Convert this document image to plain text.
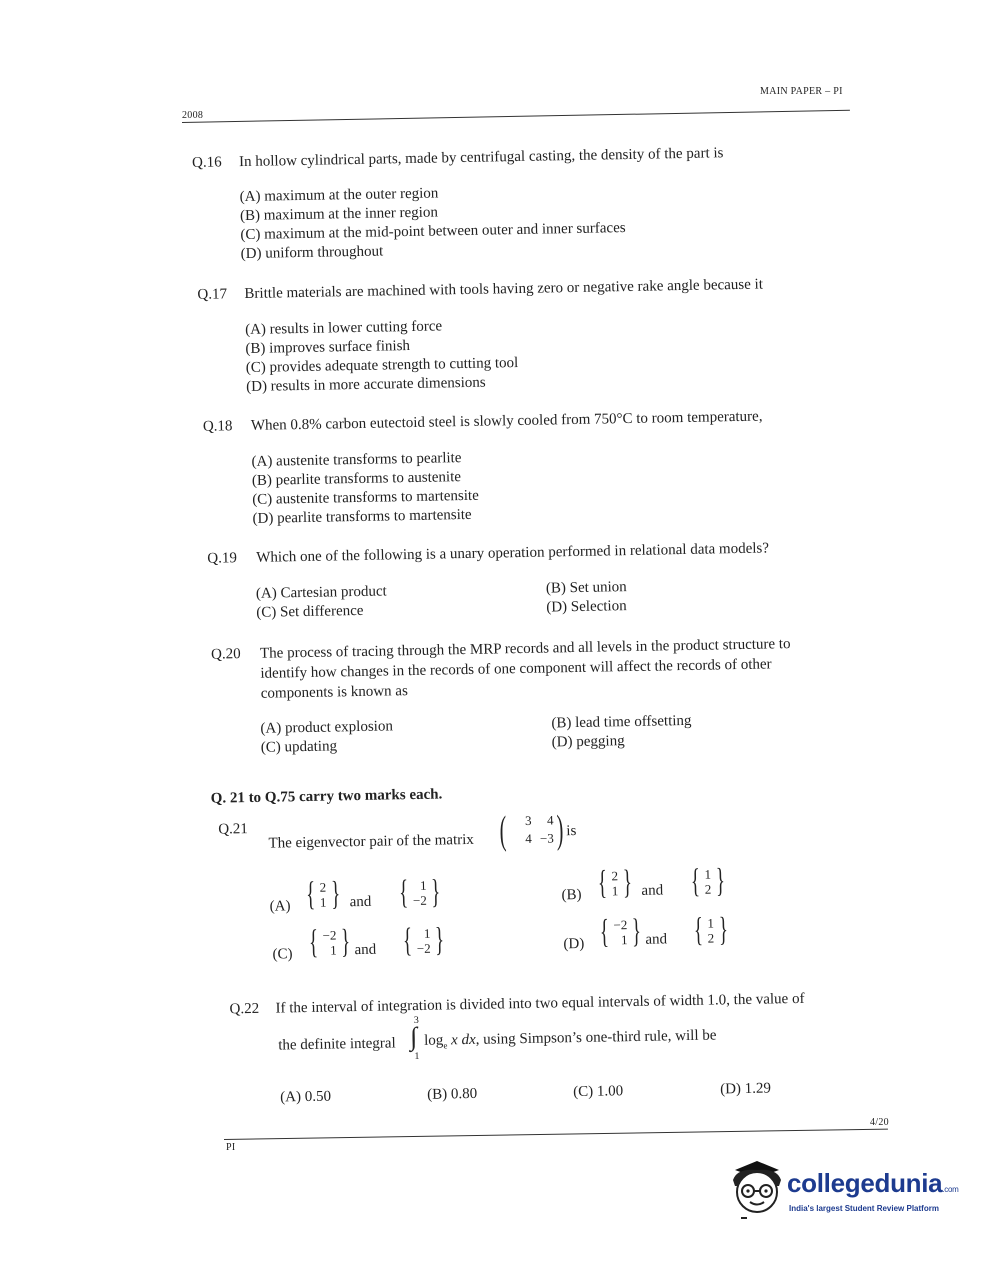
MAIN PAPER – PI
2008
Q.16 In hollow cylindrical parts, made by centrifugal casting, the density of the part is
(A) maximum at the outer region
(B) maximum at the inner region
(C) maximum at the mid-point between outer and inner surfaces
(D) uniform throughout
Q.17 Brittle materials are machined with tools having zero or negative rake angle because it
(A) results in lower cutting force
(B) improves surface finish
(C) provides adequate strength to cutting tool
(D) results in more accurate dimensions
Q.18 When 0.8% carbon eutectoid steel is slowly cooled from 750°C to room temperature,
(A) austenite transforms to pearlite
(B) pearlite transforms to austenite
(C) austenite transforms to martensite
(D) pearlite transforms to martensite
Q.19 Which one of the following is a unary operation performed in relational data models?
(A) Cartesian product	(B) Set union
(C) Set difference	(D) Selection
Q.20 The process of tracing through the MRP records and all levels in the product structure to
identify how changes in the records of one component will affect the records of other
components is known as
(A) product explosion	(B) lead time offsetting
(C) updating	(D) pegging
Q. 21 to Q.75 carry two marks each.
Q.21
The eigenvector pair of the matrix (	3	4
4 −3 ) is
(A) { 2
1 } and { 1
−2 }	(B) { 2
1 } and { 1
2 }
(C) { −2
1 } and { 1
−2 }	(D) { −2
1 } and { 1
2 }
Q.22 If the interval of integration is divided into two equal intervals of width 1.0, the value of
the definite integral
3
∫
1
$\log_e x$ dx, using Simpson’s one-third rule, will be
(A) 0.50	(B) 0.80	(C) 1.00	(D) 1.29
4/20
PI
collegedunia.com
India's largest Student Review Platform
